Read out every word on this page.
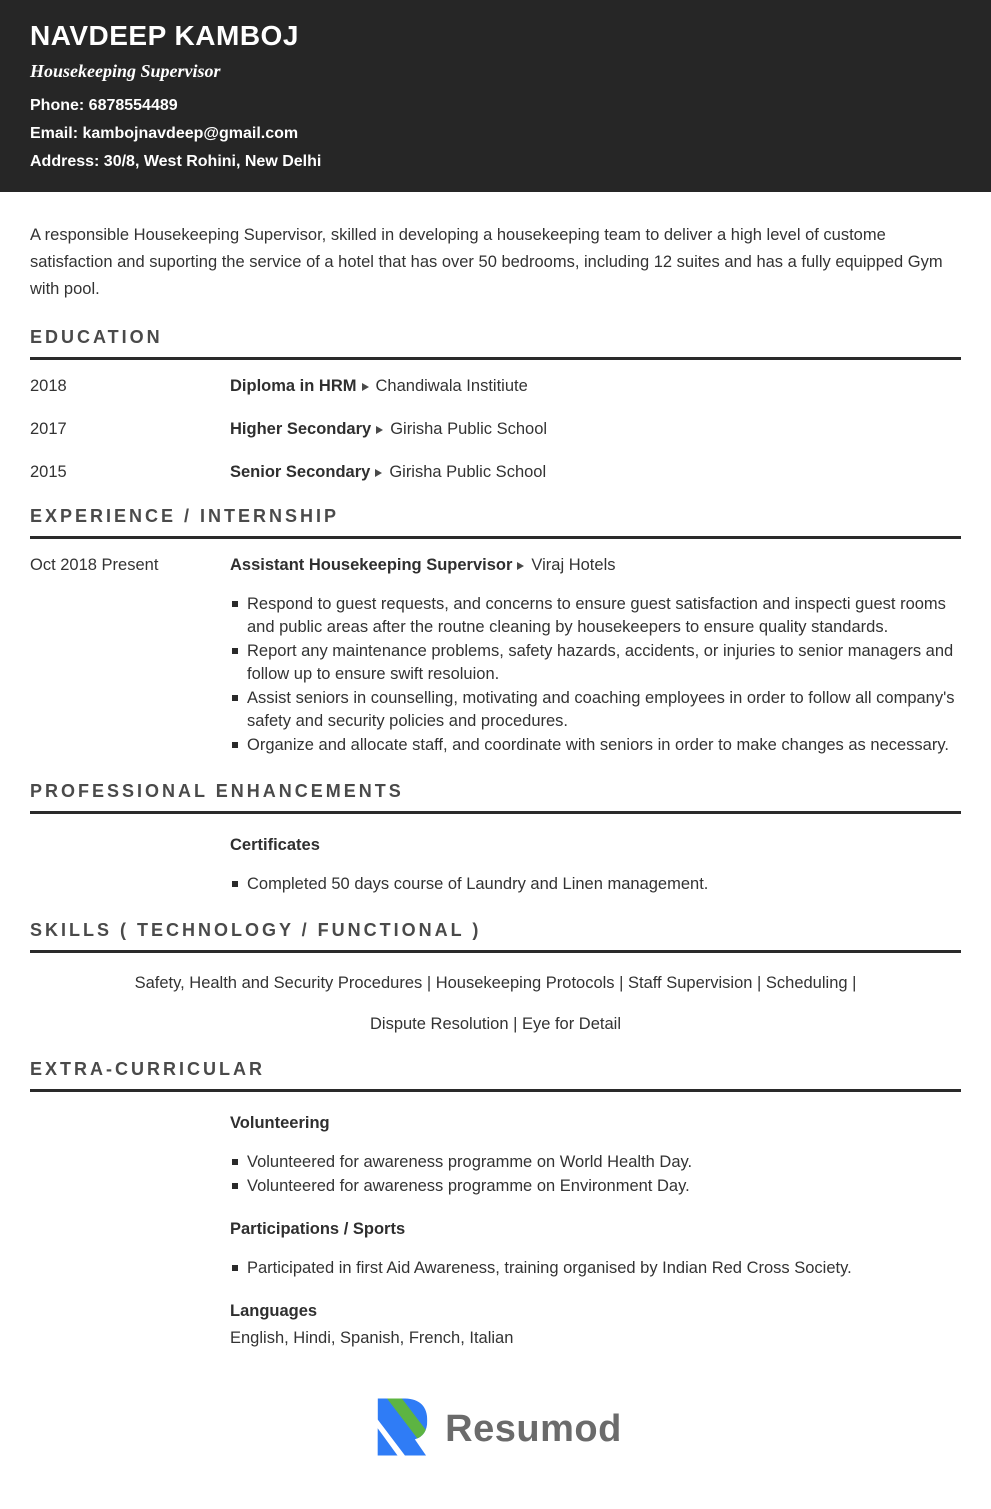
NAVDEEP KAMBOJ
Housekeeping Supervisor
Phone: 6878554489
Email: kambojnavdeep@gmail.com
Address: 30/8, West Rohini, New Delhi

A responsible Housekeeping Supervisor, skilled in developing a housekeeping team to deliver a high level of custome satisfaction and suporting the service of a hotel that has over 50 bedrooms, including 12 suites and has a fully equipped Gym with pool.

EDUCATION
2018	Diploma in HRM Chandiwala Institiute
2017	Higher Secondary Girisha Public School
2015	Senior Secondary Girisha Public School
EXPERIENCE / INTERNSHIP
Oct 2018 Present	Assistant Housekeeping Supervisor Viraj Hotels
Respond to guest requests, and concerns to ensure guest satisfaction and inspecti guest rooms and public areas after the routne cleaning by housekeepers to ensure quality standards.
Report any maintenance problems, safety hazards, accidents, or injuries to senior managers and follow up to ensure swift resoluion.
Assist seniors in counselling, motivating and coaching employees in order to follow all company's safety and security policies and procedures.
Organize and allocate staff, and coordinate with seniors in order to make changes as necessary.
PROFESSIONAL ENHANCEMENTS
Certificates
Completed 50 days course of Laundry and Linen management.
SKILLS ( TECHNOLOGY / FUNCTIONAL )
Safety, Health and Security Procedures | Housekeeping Protocols | Staff Supervision | Scheduling |
Dispute Resolution | Eye for Detail
EXTRA-CURRICULAR
Volunteering
Volunteered for awareness programme on World Health Day.
Volunteered for awareness programme on Environment Day.
Participations / Sports
Participated in first Aid Awareness, training organised by Indian Red Cross Society.
Languages
English, Hindi, Spanish, French, Italian
Resumod
